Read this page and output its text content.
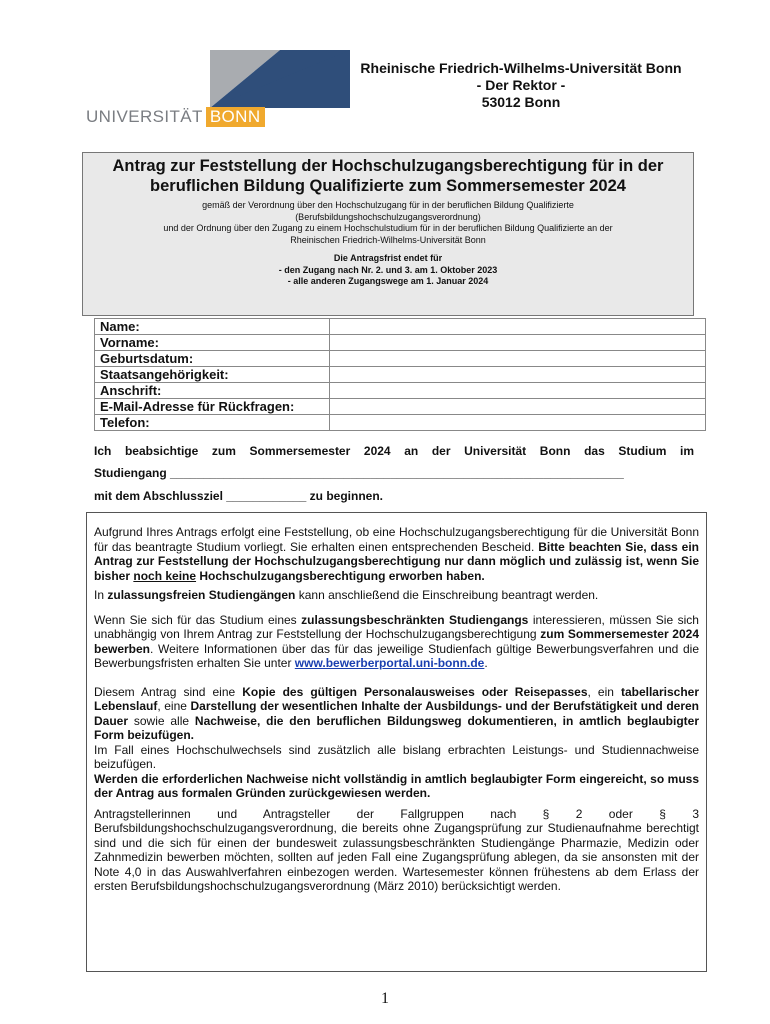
UNIVERSITÄT BONN
Rheinische Friedrich-Wilhelms-Universität Bonn
- Der Rektor -
53012 Bonn
Antrag zur Feststellung der Hochschulzugangsberechtigung für in der beruflichen Bildung Qualifizierte zum Sommersemester 2024
gemäß der Verordnung über den Hochschulzugang für in der beruflichen Bildung Qualifizierte
(Berufsbildungshochschulzugangsverordnung)
und der Ordnung über den Zugang zu einem Hochschulstudium für in der beruflichen Bildung Qualifizierte an der
Rheinischen Friedrich-Wilhelms-Universität Bonn
Die Antragsfrist endet für
- den Zugang nach Nr. 2. und 3. am 1. Oktober 2023
- alle anderen Zugangswege am 1. Januar 2024
Name:	
Vorname:	
Geburtsdatum:	
Staatsangehörigkeit:	
Anschrift:	
E-Mail-Adresse für Rückfragen:	
Telefon:	
Ich beabsichtige zum Sommersemester 2024 an der Universität Bonn das Studium im
Studiengang ____________________________________________________________________
mit dem Abschlussziel ____________ zu beginnen.

Aufgrund Ihres Antrags erfolgt eine Feststellung, ob eine Hochschulzugangsberechtigung für die Universität Bonn für das beantragte Studium vorliegt. Sie erhalten einen entsprechenden Bescheid. Bitte beachten Sie, dass ein Antrag zur Feststellung der Hochschulzugangsberechtigung nur dann möglich und zulässig ist, wenn Sie bisher noch keine Hochschulzugangsberechtigung erworben haben.

In zulassungsfreien Studiengängen kann anschließend die Einschreibung beantragt werden.

Wenn Sie sich für das Studium eines zulassungsbeschränkten Studiengangs interessieren, müssen Sie sich unabhängig von Ihrem Antrag zur Feststellung der Hochschulzugangsberechtigung zum Sommersemester 2024 bewerben. Weitere Informationen über das für das jeweilige Studienfach gültige Bewerbungsverfahren und die Bewerbungsfristen erhalten Sie unter www.bewerberportal.uni-bonn.de.

Diesem Antrag sind eine Kopie des gültigen Personalausweises oder Reisepasses, ein tabellarischer Lebenslauf, eine Darstellung der wesentlichen Inhalte der Ausbildungs- und der Berufstätigkeit und deren Dauer sowie alle Nachweise, die den beruflichen Bildungsweg dokumentieren, in amtlich beglaubigter Form beizufügen.

Im Fall eines Hochschulwechsels sind zusätzlich alle bislang erbrachten Leistungs- und Studiennachweise beizufügen.

Werden die erforderlichen Nachweise nicht vollständig in amtlich beglaubigter Form eingereicht, so muss der Antrag aus formalen Gründen zurückgewiesen werden.

Antragstellerinnen und Antragsteller der Fallgruppen nach § 2 oder § 3 Berufsbildungshochschulzugangsverordnung, die bereits ohne Zugangsprüfung zur Studienaufnahme berechtigt sind und die sich für einen der bundesweit zulassungsbeschränkten Studiengänge Pharmazie, Medizin oder Zahnmedizin bewerben möchten, sollten auf jeden Fall eine Zugangsprüfung ablegen, da sie ansonsten mit der Note 4,0 in das Auswahlverfahren einbezogen werden. Wartesemester können frühestens ab dem Erlass der ersten Berufsbildungshochschulzugangsverordnung (März 2010) berücksichtigt werden.

1
